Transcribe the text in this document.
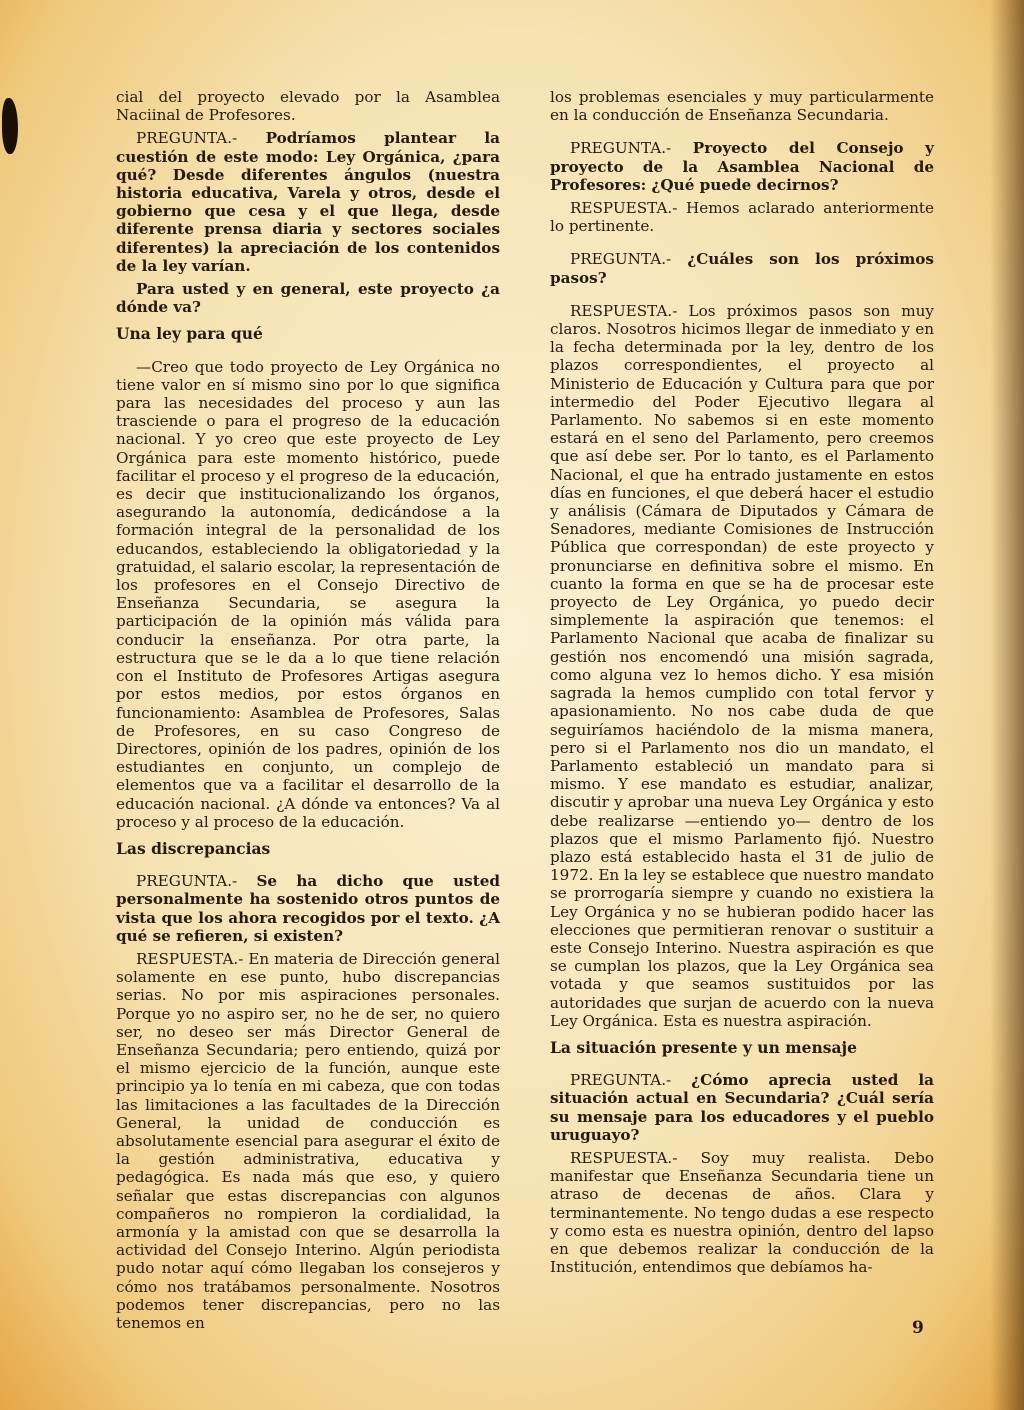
cial del proyecto elevado por la Asamblea Naciinal de Profesores.

PREGUNTA.- Podríamos plantear la cuestión de este modo: Ley Orgánica, ¿para qué? Desde diferentes ángulos (nuestra historia educativa, Varela y otros, desde el gobierno que cesa y el que llega, desde diferente prensa diaria y sectores sociales diferentes) la apreciación de los contenidos de la ley varían.

Para usted y en general, este proyecto ¿a dónde va?

Una ley para qué

—Creo que todo proyecto de Ley Orgánica no tiene valor en sí mismo sino por lo que significa para las necesidades del proceso y aun las trasciende o para el progreso de la educación nacional. Y yo creo que este proyecto de Ley Orgánica para este momento histórico, puede facilitar el proceso y el progreso de la educación, es decir que institucionalizando los órganos, asegurando la autonomía, dedicándose a la formación integral de la personalidad de los educandos, estableciendo la obligatoriedad y la gratuidad, el salario escolar, la representación de los profesores en el Consejo Directivo de Enseñanza Secundaria, se asegura la participación de la opinión más válida para conducir la enseñanza. Por otra parte, la estructura que se le da a lo que tiene relación con el Instituto de Profesores Artigas asegura por estos medios, por estos órganos en funcionamiento: Asamblea de Profesores, Salas de Profesores, en su caso Congreso de Directores, opinión de los padres, opinión de los estudiantes en conjunto, un complejo de elementos que va a facilitar el desarrollo de la educación nacional. ¿A dónde va entonces? Va al proceso y al proceso de la educación.

Las discrepancias

PREGUNTA.- Se ha dicho que usted personalmente ha sostenido otros puntos de vista que los ahora recogidos por el texto. ¿A qué se refieren, si existen?

RESPUESTA.- En materia de Dirección general solamente en ese punto, hubo discrepancias serias. No por mis aspiraciones personales. Porque yo no aspiro ser, no he de ser, no quiero ser, no deseo ser más Director General de Enseñanza Secundaria; pero entiendo, quizá por el mismo ejercicio de la función, aunque este principio ya lo tenía en mi cabeza, que con todas las limitaciones a las facultades de la Dirección General, la unidad de conducción es absolutamente esencial para asegurar el éxito de la gestión administrativa, educativa y pedagógica. Es nada más que eso, y quiero señalar que estas discrepancias con algunos compañeros no rompieron la cordialidad, la armonía y la amistad con que se desarrolla la actividad del Consejo Interino. Algún periodista pudo notar aquí cómo llegaban los consejeros y cómo nos tratábamos personalmente. Nosotros podemos tener discrepancias, pero no las tenemos en

los problemas esenciales y muy particularmente en la conducción de Enseñanza Secundaria.

PREGUNTA.- Proyecto del Consejo y proyecto de la Asamblea Nacional de Profesores: ¿Qué puede decirnos?

RESPUESTA.- Hemos aclarado anteriormente lo pertinente.

PREGUNTA.- ¿Cuáles son los próximos pasos?

RESPUESTA.- Los próximos pasos son muy claros. Nosotros hicimos llegar de inmediato y en la fecha determinada por la ley, dentro de los plazos correspondientes, el proyecto al Ministerio de Educación y Cultura para que por intermedio del Poder Ejecutivo llegara al Parlamento. No sabemos si en este momento estará en el seno del Parlamento, pero creemos que así debe ser. Por lo tanto, es el Parlamento Nacional, el que ha entrado justamente en estos días en funciones, el que deberá hacer el estudio y análisis (Cámara de Diputados y Cámara de Senadores, mediante Comisiones de Instrucción Pública que correspondan) de este proyecto y pronunciarse en definitiva sobre el mismo. En cuanto la forma en que se ha de procesar este proyecto de Ley Orgánica, yo puedo decir simplemente la aspiración que tenemos: el Parlamento Nacional que acaba de finalizar su gestión nos encomendó una misión sagrada, como alguna vez lo hemos dicho. Y esa misión sagrada la hemos cumplido con total fervor y apasionamiento. No nos cabe duda de que seguiríamos haciéndolo de la misma manera, pero si el Parlamento nos dio un mandato, el Parlamento estableció un mandato para si mismo. Y ese mandato es estudiar, analizar, discutir y aprobar una nueva Ley Orgánica y esto debe realizarse —entiendo yo— dentro de los plazos que el mismo Parlamento fijó. Nuestro plazo está establecido hasta el 31 de julio de 1972. En la ley se establece que nuestro mandato se prorrogaría siempre y cuando no existiera la Ley Orgánica y no se hubieran podido hacer las elecciones que permitieran renovar o sustituir a este Consejo Interino. Nuestra aspiración es que se cumplan los plazos, que la Ley Orgánica sea votada y que seamos sustituidos por las autoridades que surjan de acuerdo con la nueva Ley Orgánica. Esta es nuestra aspiración.

La situación presente y un mensaje

PREGUNTA.- ¿Cómo aprecia usted la situación actual en Secundaria? ¿Cuál sería su mensaje para los educadores y el pueblo uruguayo?

RESPUESTA.- Soy muy realista. Debo manifestar que Enseñanza Secundaria tiene un atraso de decenas de años. Clara y terminantemente. No tengo dudas a ese respecto y como esta es nuestra opinión, dentro del lapso en que debemos realizar la conducción de la Institución, entendimos que debíamos ha-

9
